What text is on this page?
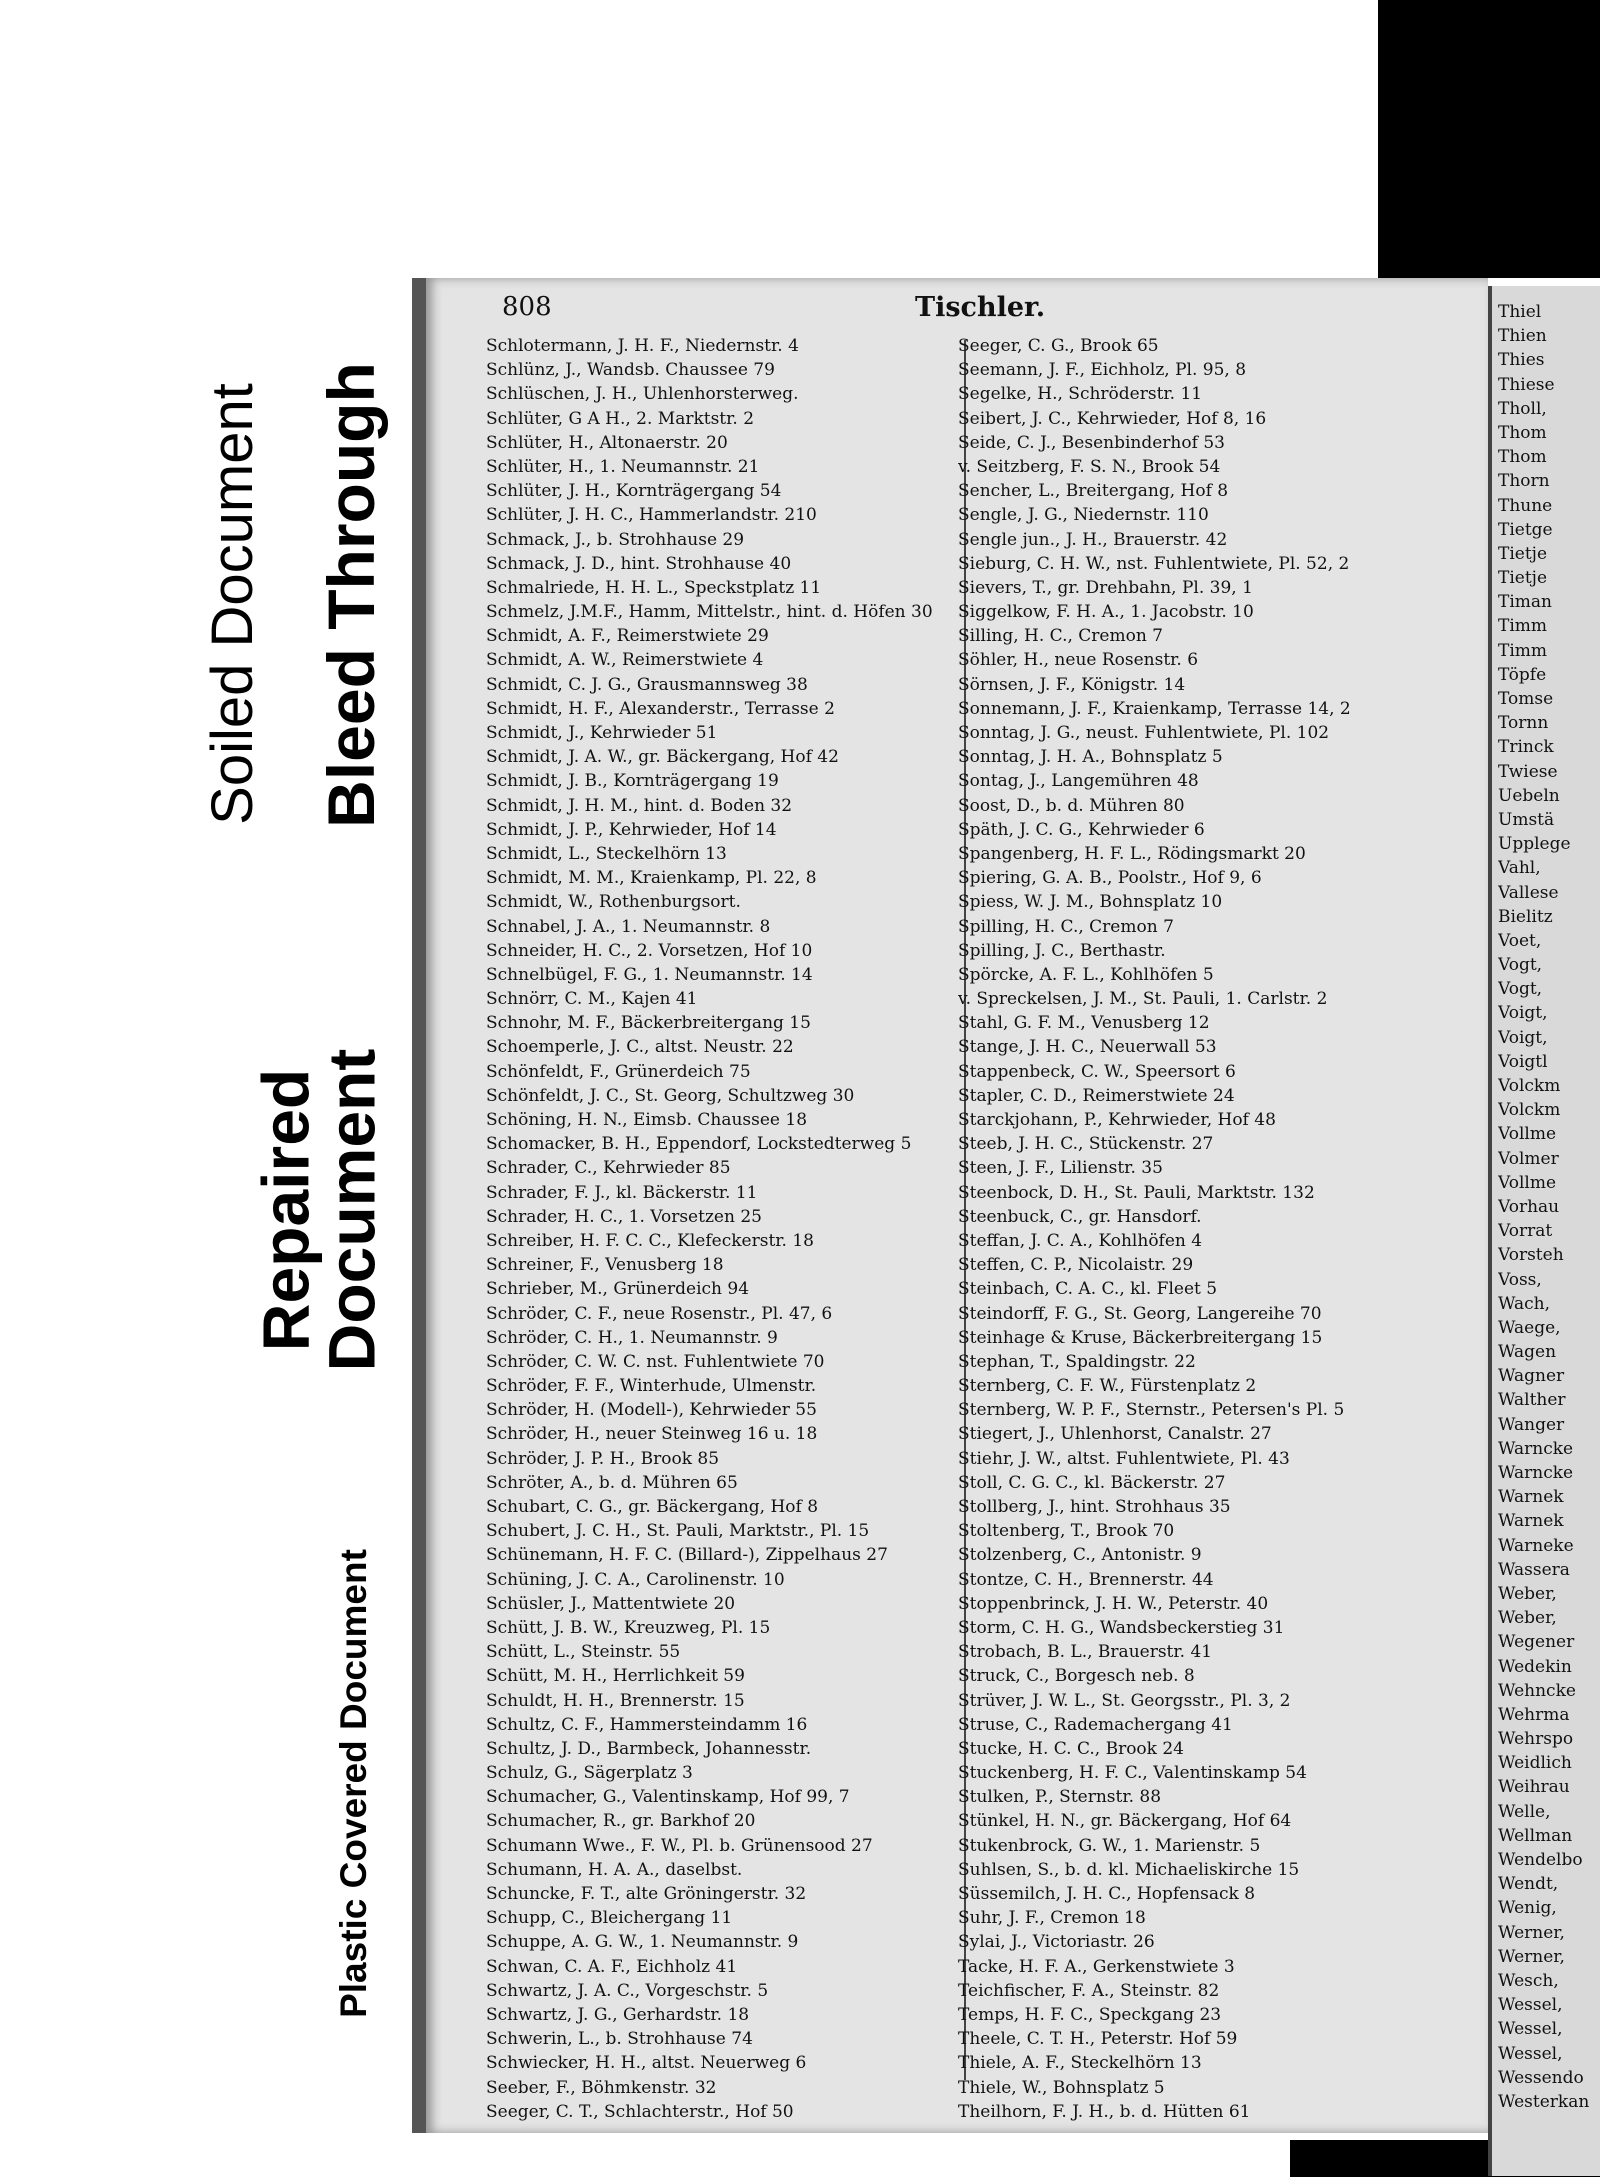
Soiled Document Bleed Through
Repaired
Document
Plastic Covered Document
Thiel
Thien
Thies
Thiese
Tholl,
Thom
Thom
Thorn
Thune
Tietge
Tietje
Tietje
Timan
Timm
Timm
Töpfe
Tomse
Tornn
Trinck
Twiese
Uebeln
Umstä
Upplege
Vahl,
Vallese
Bielitz
Voet,
Vogt,
Vogt,
Voigt,
Voigt,
Voigtl
Volckm
Volckm
Vollme
Volmer
Vollme
Vorhau
Vorrat
Vorsteh
Voss,
Wach,
Waege,
Wagen
Wagner
Walther
Wanger
Warncke
Warncke
Warnek
Warnek
Warneke
Wassera
Weber,
Weber,
Wegener
Wedekin
Wehncke
Wehrma
Wehrspo
Weidlich
Weihrau
Welle,
Wellman
Wendelbo
Wendt,
Wenig,
Werner,
Werner,
Wesch,
Wessel,
Wessel,
Wessel,
Wessendo
Westerkan
808	Tischler.
Schlotermann, J. H. F., Niedernstr. 4
Schlünz, J., Wandsb. Chaussee 79
Schlüschen, J. H., Uhlenhorsterweg.
Schlüter, G A H., 2. Marktstr. 2
Schlüter, H., Altonaerstr. 20
Schlüter, H., 1. Neumannstr. 21
Schlüter, J. H., Kornträgergang 54
Schlüter, J. H. C., Hammerlandstr. 210
Schmack, J., b. Strohhause 29
Schmack, J. D., hint. Strohhause 40
Schmalriede, H. H. L., Speckstplatz 11
Schmelz, J.M.F., Hamm, Mittelstr., hint. d. Höfen 30
Schmidt, A. F., Reimerstwiete 29
Schmidt, A. W., Reimerstwiete 4
Schmidt, C. J. G., Grausmannsweg 38
Schmidt, H. F., Alexanderstr., Terrasse 2
Schmidt, J., Kehrwieder 51
Schmidt, J. A. W., gr. Bäckergang, Hof 42
Schmidt, J. B., Kornträgergang 19
Schmidt, J. H. M., hint. d. Boden 32
Schmidt, J. P., Kehrwieder, Hof 14
Schmidt, L., Steckelhörn 13
Schmidt, M. M., Kraienkamp, Pl. 22, 8
Schmidt, W., Rothenburgsort.
Schnabel, J. A., 1. Neumannstr. 8
Schneider, H. C., 2. Vorsetzen, Hof 10
Schnelbügel, F. G., 1. Neumannstr. 14
Schnörr, C. M., Kajen 41
Schnohr, M. F., Bäckerbreitergang 15
Schoemperle, J. C., altst. Neustr. 22
Schönfeldt, F., Grünerdeich 75
Schönfeldt, J. C., St. Georg, Schultzweg 30
Schöning, H. N., Eimsb. Chaussee 18
Schomacker, B. H., Eppendorf, Lockstedterweg 5
Schrader, C., Kehrwieder 85
Schrader, F. J., kl. Bäckerstr. 11
Schrader, H. C., 1. Vorsetzen 25
Schreiber, H. F. C. C., Klefeckerstr. 18
Schreiner, F., Venusberg 18
Schrieber, M., Grünerdeich 94
Schröder, C. F., neue Rosenstr., Pl. 47, 6
Schröder, C. H., 1. Neumannstr. 9
Schröder, C. W. C. nst. Fuhlentwiete 70
Schröder, F. F., Winterhude, Ulmenstr.
Schröder, H. (Modell-), Kehrwieder 55
Schröder, H., neuer Steinweg 16 u. 18
Schröder, J. P. H., Brook 85
Schröter, A., b. d. Mühren 65
Schubart, C. G., gr. Bäckergang, Hof 8
Schubert, J. C. H., St. Pauli, Marktstr., Pl. 15
Schünemann, H. F. C. (Billard-), Zippelhaus 27
Schüning, J. C. A., Carolinenstr. 10
Schüsler, J., Mattentwiete 20
Schütt, J. B. W., Kreuzweg, Pl. 15
Schütt, L., Steinstr. 55
Schütt, M. H., Herrlichkeit 59
Schuldt, H. H., Brennerstr. 15
Schultz, C. F., Hammersteindamm 16
Schultz, J. D., Barmbeck, Johannesstr.
Schulz, G., Sägerplatz 3
Schumacher, G., Valentinskamp, Hof 99, 7
Schumacher, R., gr. Barkhof 20
Schumann Wwe., F. W., Pl. b. Grünensood 27
Schumann, H. A. A., daselbst.
Schuncke, F. T., alte Gröningerstr. 32
Schupp, C., Bleichergang 11
Schuppe, A. G. W., 1. Neumannstr. 9
Schwan, C. A. F., Eichholz 41
Schwartz, J. A. C., Vorgeschstr. 5
Schwartz, J. G., Gerhardstr. 18
Schwerin, L., b. Strohhause 74
Schwiecker, H. H., altst. Neuerweg 6
Seeber, F., Böhmkenstr. 32
Seeger, C. T., Schlachterstr., Hof 50
Seeger, C. G., Brook 65
Seemann, J. F., Eichholz, Pl. 95, 8
Segelke, H., Schröderstr. 11
Seibert, J. C., Kehrwieder, Hof 8, 16
Seide, C. J., Besenbinderhof 53
v. Seitzberg, F. S. N., Brook 54
Sencher, L., Breitergang, Hof 8
Sengle, J. G., Niedernstr. 110
Sengle jun., J. H., Brauerstr. 42
Sieburg, C. H. W., nst. Fuhlentwiete, Pl. 52, 2
Sievers, T., gr. Drehbahn, Pl. 39, 1
Siggelkow, F. H. A., 1. Jacobstr. 10
Silling, H. C., Cremon 7
Söhler, H., neue Rosenstr. 6
Sörnsen, J. F., Königstr. 14
Sonnemann, J. F., Kraienkamp, Terrasse 14, 2
Sonntag, J. G., neust. Fuhlentwiete, Pl. 102
Sonntag, J. H. A., Bohnsplatz 5
Sontag, J., Langemühren 48
Soost, D., b. d. Mühren 80
Späth, J. C. G., Kehrwieder 6
Spangenberg, H. F. L., Rödingsmarkt 20
Spiering, G. A. B., Poolstr., Hof 9, 6
Spiess, W. J. M., Bohnsplatz 10
Spilling, H. C., Cremon 7
Spilling, J. C., Berthastr.
Spörcke, A. F. L., Kohlhöfen 5
v. Spreckelsen, J. M., St. Pauli, 1. Carlstr. 2
Stahl, G. F. M., Venusberg 12
Stange, J. H. C., Neuerwall 53
Stappenbeck, C. W., Speersort 6
Stapler, C. D., Reimerstwiete 24
Starckjohann, P., Kehrwieder, Hof 48
Steeb, J. H. C., Stückenstr. 27
Steen, J. F., Lilienstr. 35
Steenbock, D. H., St. Pauli, Marktstr. 132
Steenbuck, C., gr. Hansdorf.
Steffan, J. C. A., Kohlhöfen 4
Steffen, C. P., Nicolaistr. 29
Steinbach, C. A. C., kl. Fleet 5
Steindorff, F. G., St. Georg, Langereihe 70
Steinhage & Kruse, Bäckerbreitergang 15
Stephan, T., Spaldingstr. 22
Sternberg, C. F. W., Fürstenplatz 2
Sternberg, W. P. F., Sternstr., Petersen's Pl. 5
Stiegert, J., Uhlenhorst, Canalstr. 27
Stiehr, J. W., altst. Fuhlentwiete, Pl. 43
Stoll, C. G. C., kl. Bäckerstr. 27
Stollberg, J., hint. Strohhaus 35
Stoltenberg, T., Brook 70
Stolzenberg, C., Antonistr. 9
Stontze, C. H., Brennerstr. 44
Stoppenbrinck, J. H. W., Peterstr. 40
Storm, C. H. G., Wandsbeckerstieg 31
Strobach, B. L., Brauerstr. 41
Struck, C., Borgesch neb. 8
Strüver, J. W. L., St. Georgsstr., Pl. 3, 2
Struse, C., Rademachergang 41
Stucke, H. C. C., Brook 24
Stuckenberg, H. F. C., Valentinskamp 54
Stulken, P., Sternstr. 88
Stünkel, H. N., gr. Bäckergang, Hof 64
Stukenbrock, G. W., 1. Marienstr. 5
Suhlsen, S., b. d. kl. Michaeliskirche 15
Süssemilch, J. H. C., Hopfensack 8
Suhr, J. F., Cremon 18
Sylai, J., Victoriastr. 26
Tacke, H. F. A., Gerkenstwiete 3
Teichfischer, F. A., Steinstr. 82
Temps, H. F. C., Speckgang 23
Theele, C. T. H., Peterstr. Hof 59
Thiele, A. F., Steckelhörn 13
Thiele, W., Bohnsplatz 5
Theilhorn, F. J. H., b. d. Hütten 61
